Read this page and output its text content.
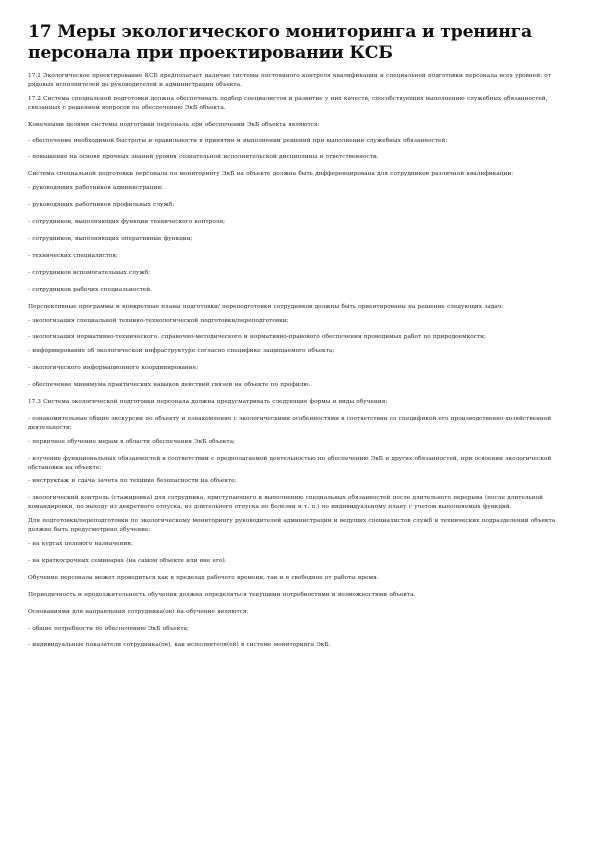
17 Меры экологического мониторинга и тренинга персонала при проектировании КСБ

17.1 Экологическое проектирование КСБ предполагает наличие системы постоянного контроля квалификации и специальной подготовки персонала всех уровней: от рядовых исполнителей до руководителей и администрации объекта.

17.2 Система специальной подготовки должна обеспечивать подбор специалистов и развитие у них качеств, способствующих выполнению служебных обязанностей, связанных с решением вопросов по обеспечению ЭкБ объекта.

Конечными целями системы подготовки персонала при обеспечении ЭкБ объекта являются:

- обеспечение необходимой быстроты и правильности в принятии и выполнении решений при выполнении служебных обязанностей;

- повышение на основе прочных знаний уровня сознательной исполнительской дисциплины и ответственности.

Система специальной подготовки персонала по мониторингу ЭкБ на объекте должна быть дифференцирована для сотрудников различной квалификации:

- руководящих работников администрации;

- руководящих работников профильных служб;

- сотрудников, выполняющих функции технического контроля;

- сотрудников, выполняющих оперативные функции;

- технических специалистов;

- сотрудников вспомогательных служб;

- сотрудников рабочих специальностей.

Перспективные программы и конкретные планы подготовки/ переподготовки сотрудников должны быть ориентированы на решение следующих задач:

- экологизация специальной технико-технологической подготовки/переподготовки;

- экологизация нормативно-технического, справочно-методического и нормативно-правового обеспечения проводимых работ по природоемкости;

- информирование об экологической инфраструктуре согласно специфике защищаемого объекта;

- экологического информационного координирование;

- обеспечение минимума практических навыков действий связей на объекте по профилю.

17.3 Система экологической подготовки персонала должна предусматривать следующие формы и виды обучения:

- ознакомительные общие экскурсии по объекту и ознакомление с экологическими особенностями в соответствии со спецификой его производственно-хозяйственной деятельности;

- первичное обучение мерам в области обеспечения ЭкБ объекта;

- изучение функциональных обязанностей в соответствии с предполагаемой деятельностью по обеспечению ЭкБ и других обязанностей, при освоении экологической обстановки на объекте;

- инструктаж и сдача зачета по технике безопасности на объекте;

- экологический контроль (стажировка) для сотрудника, приступающего к выполнению специальных обязанностей после длительного перерыва (после длительной командировки, по выходу из декретного отпуска, из длительного отпуска по болезни и т. п.) по индивидуальному плану с учетом выполняемых функций.

Для подготовки/переподготовки по экологическому мониторингу руководителей администрации и ведущих специалистов служб и технических подразделений объекта должно быть предусмотрено обучение:

- на курсах целевого назначения;

- на краткосрочных семинарах (на самом объекте или вне его).

Обучение персонала может проводиться как в пределах рабочего времени, так и в свободное от работы время.

Периодичность и продолжительность обучения должна определяться текущими потребностями и возможностями объекта.

Основаниями для направления сотрудника(ов) на обучение являются:

- общие потребности по обеспечению ЭкБ объекта;

- индивидуальные показатели сотрудника(ов), как исполнителя(ей) в системе мониторинга ЭкБ.
